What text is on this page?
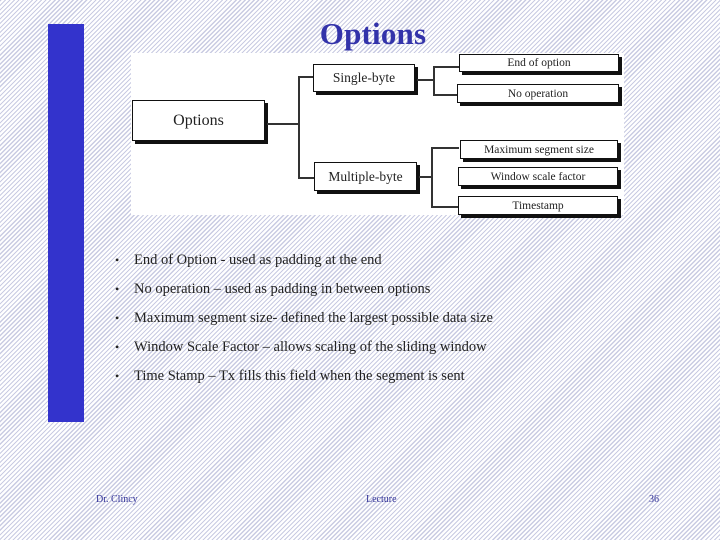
Options
Options
Single-byte
End of option
No operation
Multiple-byte
Maximum segment size
Window scale factor
Timestamp
• End of Option - used as padding at the end
• No operation – used as padding in between options
• Maximum segment size- defined the largest possible data size
• Window Scale Factor – allows scaling of the sliding window
• Time Stamp – Tx fills this field when the segment is sent
Dr. Clincy	Lecture	36
